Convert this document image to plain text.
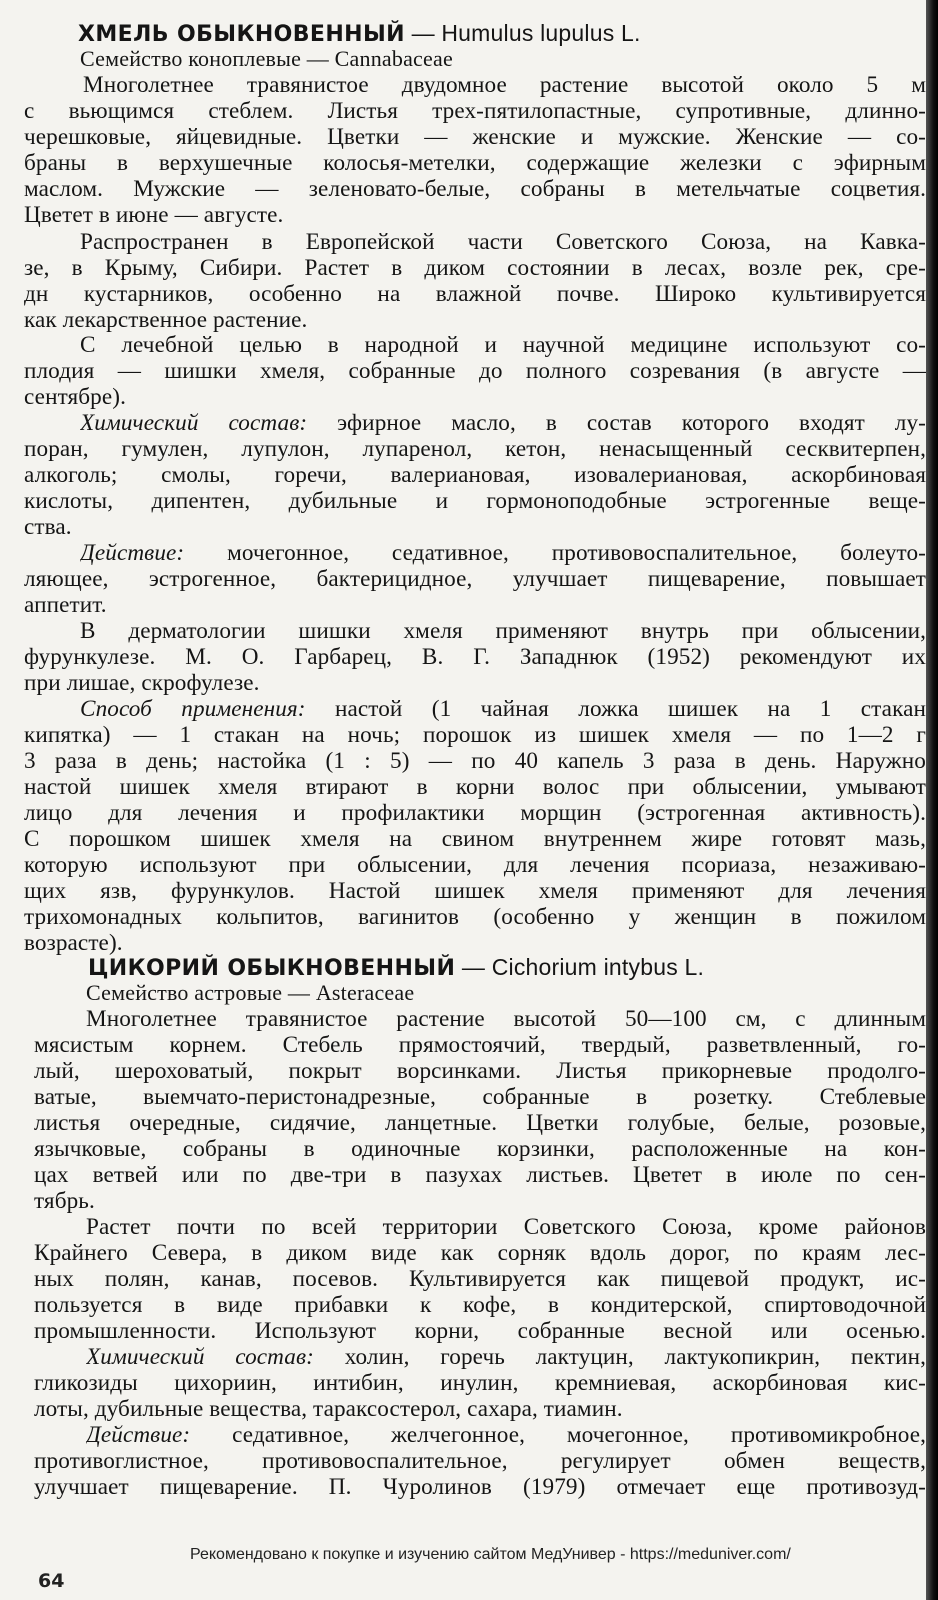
ХМЕЛЬ ОБЫКНОВЕННЫЙ — Humulus lupulus L.
Семейство коноплевые — Cannabaceae
Многолетнее травянистое двудомное растение высотой около 5 м
с вьющимся стеблем. Листья трех-пятилопастные, супротивные, длинно-
черешковые, яйцевидные. Цветки — женские и мужские. Женские — со-
браны в верхушечные колосья-метелки, содержащие железки с эфирным
маслом. Мужские — зеленовато-белые, собраны в метельчатые соцветия.
Цветет в июне — августе.
Распространен в Европейской части Советского Союза, на Кавка-
зе, в Крыму, Сибири. Растет в диком состоянии в лесах, возле рек, сре-
дн кустарников, особенно на влажной почве. Широко культивируется
как лекарственное растение.
С лечебной целью в народной и научной медицине используют со-
плодия — шишки хмеля, собранные до полного созревания (в августе —
сентябре).
Химический состав: эфирное масло, в состав которого входят лу-
поран, гумулен, лупулон, лупаренол, кетон, ненасыщенный сесквитерпен,
алкоголь; смолы, горечи, валериановая, изовалериановая, аскорбиновая
кислоты, дипентен, дубильные и гормоноподобные эстрогенные веще-
ства.
Действие: мочегонное, седативное, противовоспалительное, болеуто-
ляющее, эстрогенное, бактерицидное, улучшает пищеварение, повышает
аппетит.
В дерматологии шишки хмеля применяют внутрь при облысении,
фурункулезе. М. О. Гарбарец, В. Г. Западнюк (1952) рекомендуют их
при лишае, скрофулезе.
Способ применения: настой (1 чайная ложка шишек на 1 стакан
кипятка) — 1 стакан на ночь; порошок из шишек хмеля — по 1—2 г
3 раза в день; настойка (1 : 5) — по 40 капель 3 раза в день. Наружно
настой шишек хмеля втирают в корни волос при облысении, умывают
лицо для лечения и профилактики морщин (эстрогенная активность).
С порошком шишек хмеля на свином внутреннем жире готовят мазь,
которую используют при облысении, для лечения псориаза, незаживаю-
щих язв, фурункулов. Настой шишек хмеля применяют для лечения
трихомонадных кольпитов, вагинитов (особенно у женщин в пожилом
возрасте).
ЦИКОРИЙ ОБЫКНОВЕННЫЙ — Cichorium intybus L.
Семейство астровые — Asteraceae
Многолетнее травянистое растение высотой 50—100 см, с длинным
мясистым корнем. Стебель прямостоячий, твердый, разветвленный, го-
лый, шероховатый, покрыт ворсинками. Листья прикорневые продолго-
ватые, выемчато-перистонадрезные, собранные в розетку. Стеблевые
листья очередные, сидячие, ланцетные. Цветки голубые, белые, розовые,
язычковые, собраны в одиночные корзинки, расположенные на кон-
цах ветвей или по две-три в пазухах листьев. Цветет в июле по сен-
тябрь.
Растет почти по всей территории Советского Союза, кроме районов
Крайнего Севера, в диком виде как сорняк вдоль дорог, по краям лес-
ных полян, канав, посевов. Культивируется как пищевой продукт, ис-
пользуется в виде прибавки к кофе, в кондитерской, спиртоводочной
промышленности. Используют корни, собранные весной или осенью.
Химический состав: холин, горечь лактуцин, лактукопикрин, пектин,
гликозиды цихориин, интибин, инулин, кремниевая, аскорбиновая кис-
лоты, дубильные вещества, тараксостерол, сахара, тиамин.
Действие: седативное, желчегонное, мочегонное, противомикробное,
противоглистное, противовоспалительное, регулирует обмен веществ,
улучшает пищеварение. П. Чуролинов (1979) отмечает еще противозуд-
Рекомендовано к покупке и изучению сайтом МедУнивер - https://meduniver.com/
64
